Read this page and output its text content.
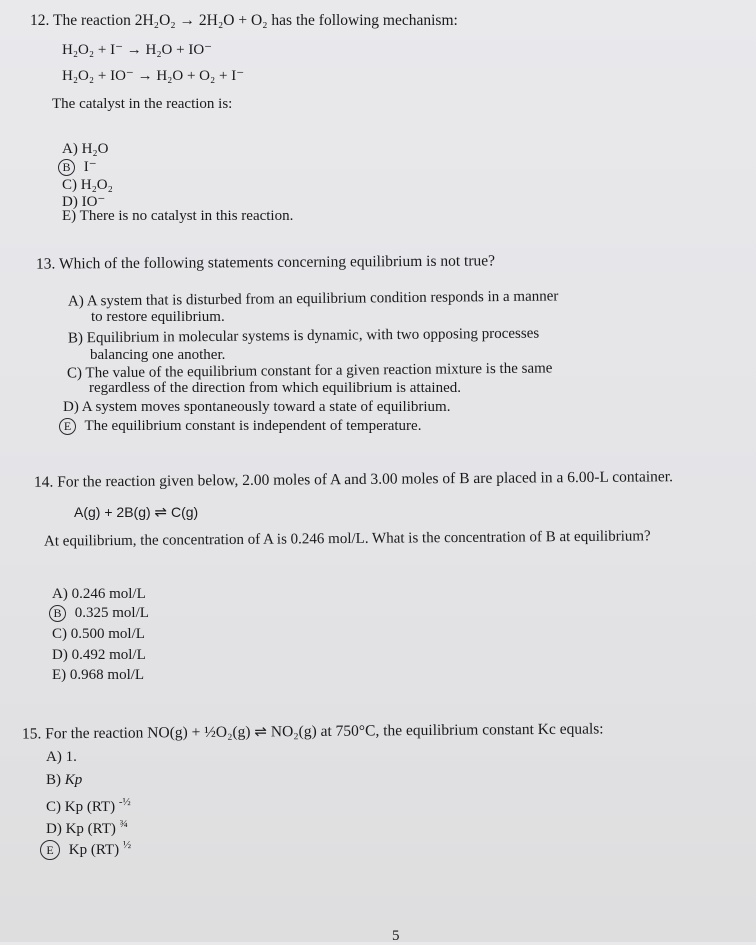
12. The reaction 2H₂O₂ → 2H₂O + O₂ has the following mechanism:
H₂O₂ + I⁻ → H₂O + IO⁻
H₂O₂ + IO⁻ → H₂O + O₂ + I⁻
The catalyst in the reaction is:
A) H₂O
B I⁻
C) H₂O₂
D) IO⁻
E) There is no catalyst in this reaction.
13. Which of the following statements concerning equilibrium is not true?
A) A system that is disturbed from an equilibrium condition responds in a manner
to restore equilibrium.
B) Equilibrium in molecular systems is dynamic, with two opposing processes
balancing one another.
C) The value of the equilibrium constant for a given reaction mixture is the same
regardless of the direction from which equilibrium is attained.
D) A system moves spontaneously toward a state of equilibrium.
E The equilibrium constant is independent of temperature.
14. For the reaction given below, 2.00 moles of A and 3.00 moles of B are placed in a 6.00-L container.
A(g) + 2B(g) ⇌ C(g)
At equilibrium, the concentration of A is 0.246 mol/L. What is the concentration of B at equilibrium?
A) 0.246 mol/L
B 0.325 mol/L
C) 0.500 mol/L
D) 0.492 mol/L
E) 0.968 mol/L
15. For the reaction NO(g) + ½O₂(g) ⇌ NO₂(g) at 750°C, the equilibrium constant Kc equals:
A) 1.
B) Kp
C) Kp (RT) $^{-\frac{1}{2}}$
D) Kp (RT) $^{\frac{3}{4}}$
E Kp (RT) $^{\frac{1}{2}}$
5
